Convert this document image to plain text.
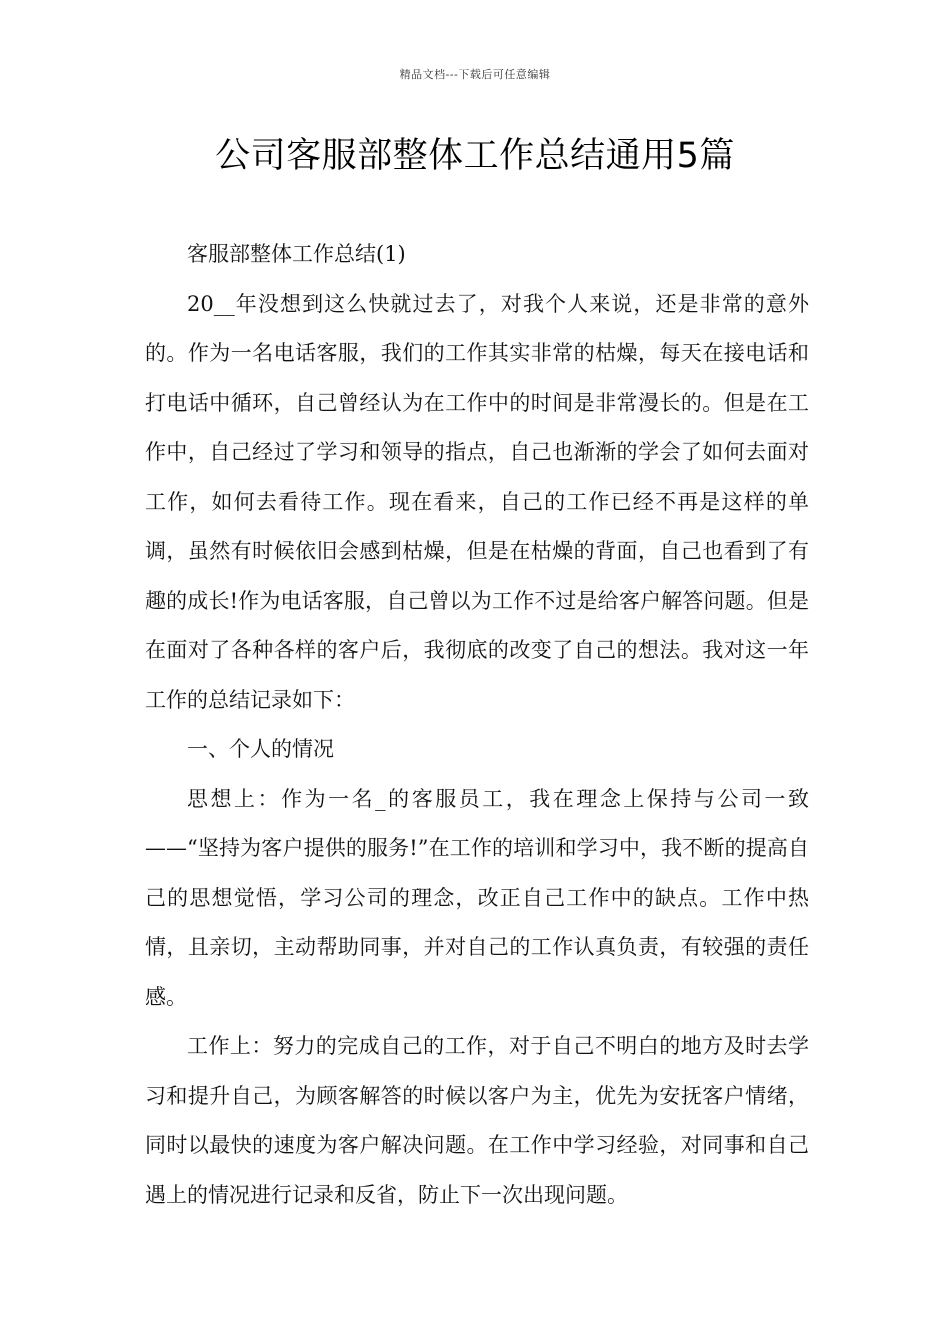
精品文档---下载后可任意编辑
公司客服部整体工作总结通用5篇

客服部整体工作总结(1)

20__年没想到这么快就过去了，对我个人来说，还是非常的意外的。作为一名电话客服，我们的工作其实非常的枯燥，每天在接电话和打电话中循环，自己曾经认为在工作中的时间是非常漫长的。但是在工作中，自己经过了学习和领导的指点，自己也渐渐的学会了如何去面对工作，如何去看待工作。现在看来，自己的工作已经不再是这样的单调，虽然有时候依旧会感到枯燥，但是在枯燥的背面，自己也看到了有趣的成长!作为电话客服，自己曾以为工作不过是给客户解答问题。但是在面对了各种各样的客户后，我彻底的改变了自己的想法。我对这一年工作的总结记录如下：

一、个人的情况

思想上：作为一名_的客服员工，我在理念上保持与公司一致——“坚持为客户提供的服务!”在工作的培训和学习中，我不断的提高自己的思想觉悟，学习公司的理念，改正自己工作中的缺点。工作中热情，且亲切，主动帮助同事，并对自己的工作认真负责，有较强的责任感。

工作上：努力的完成自己的工作，对于自己不明白的地方及时去学习和提升自己，为顾客解答的时候以客户为主，优先为安抚客户情绪，同时以最快的速度为客户解决问题。在工作中学习经验，对同事和自己遇上的情况进行记录和反省，防止下一次出现问题。
